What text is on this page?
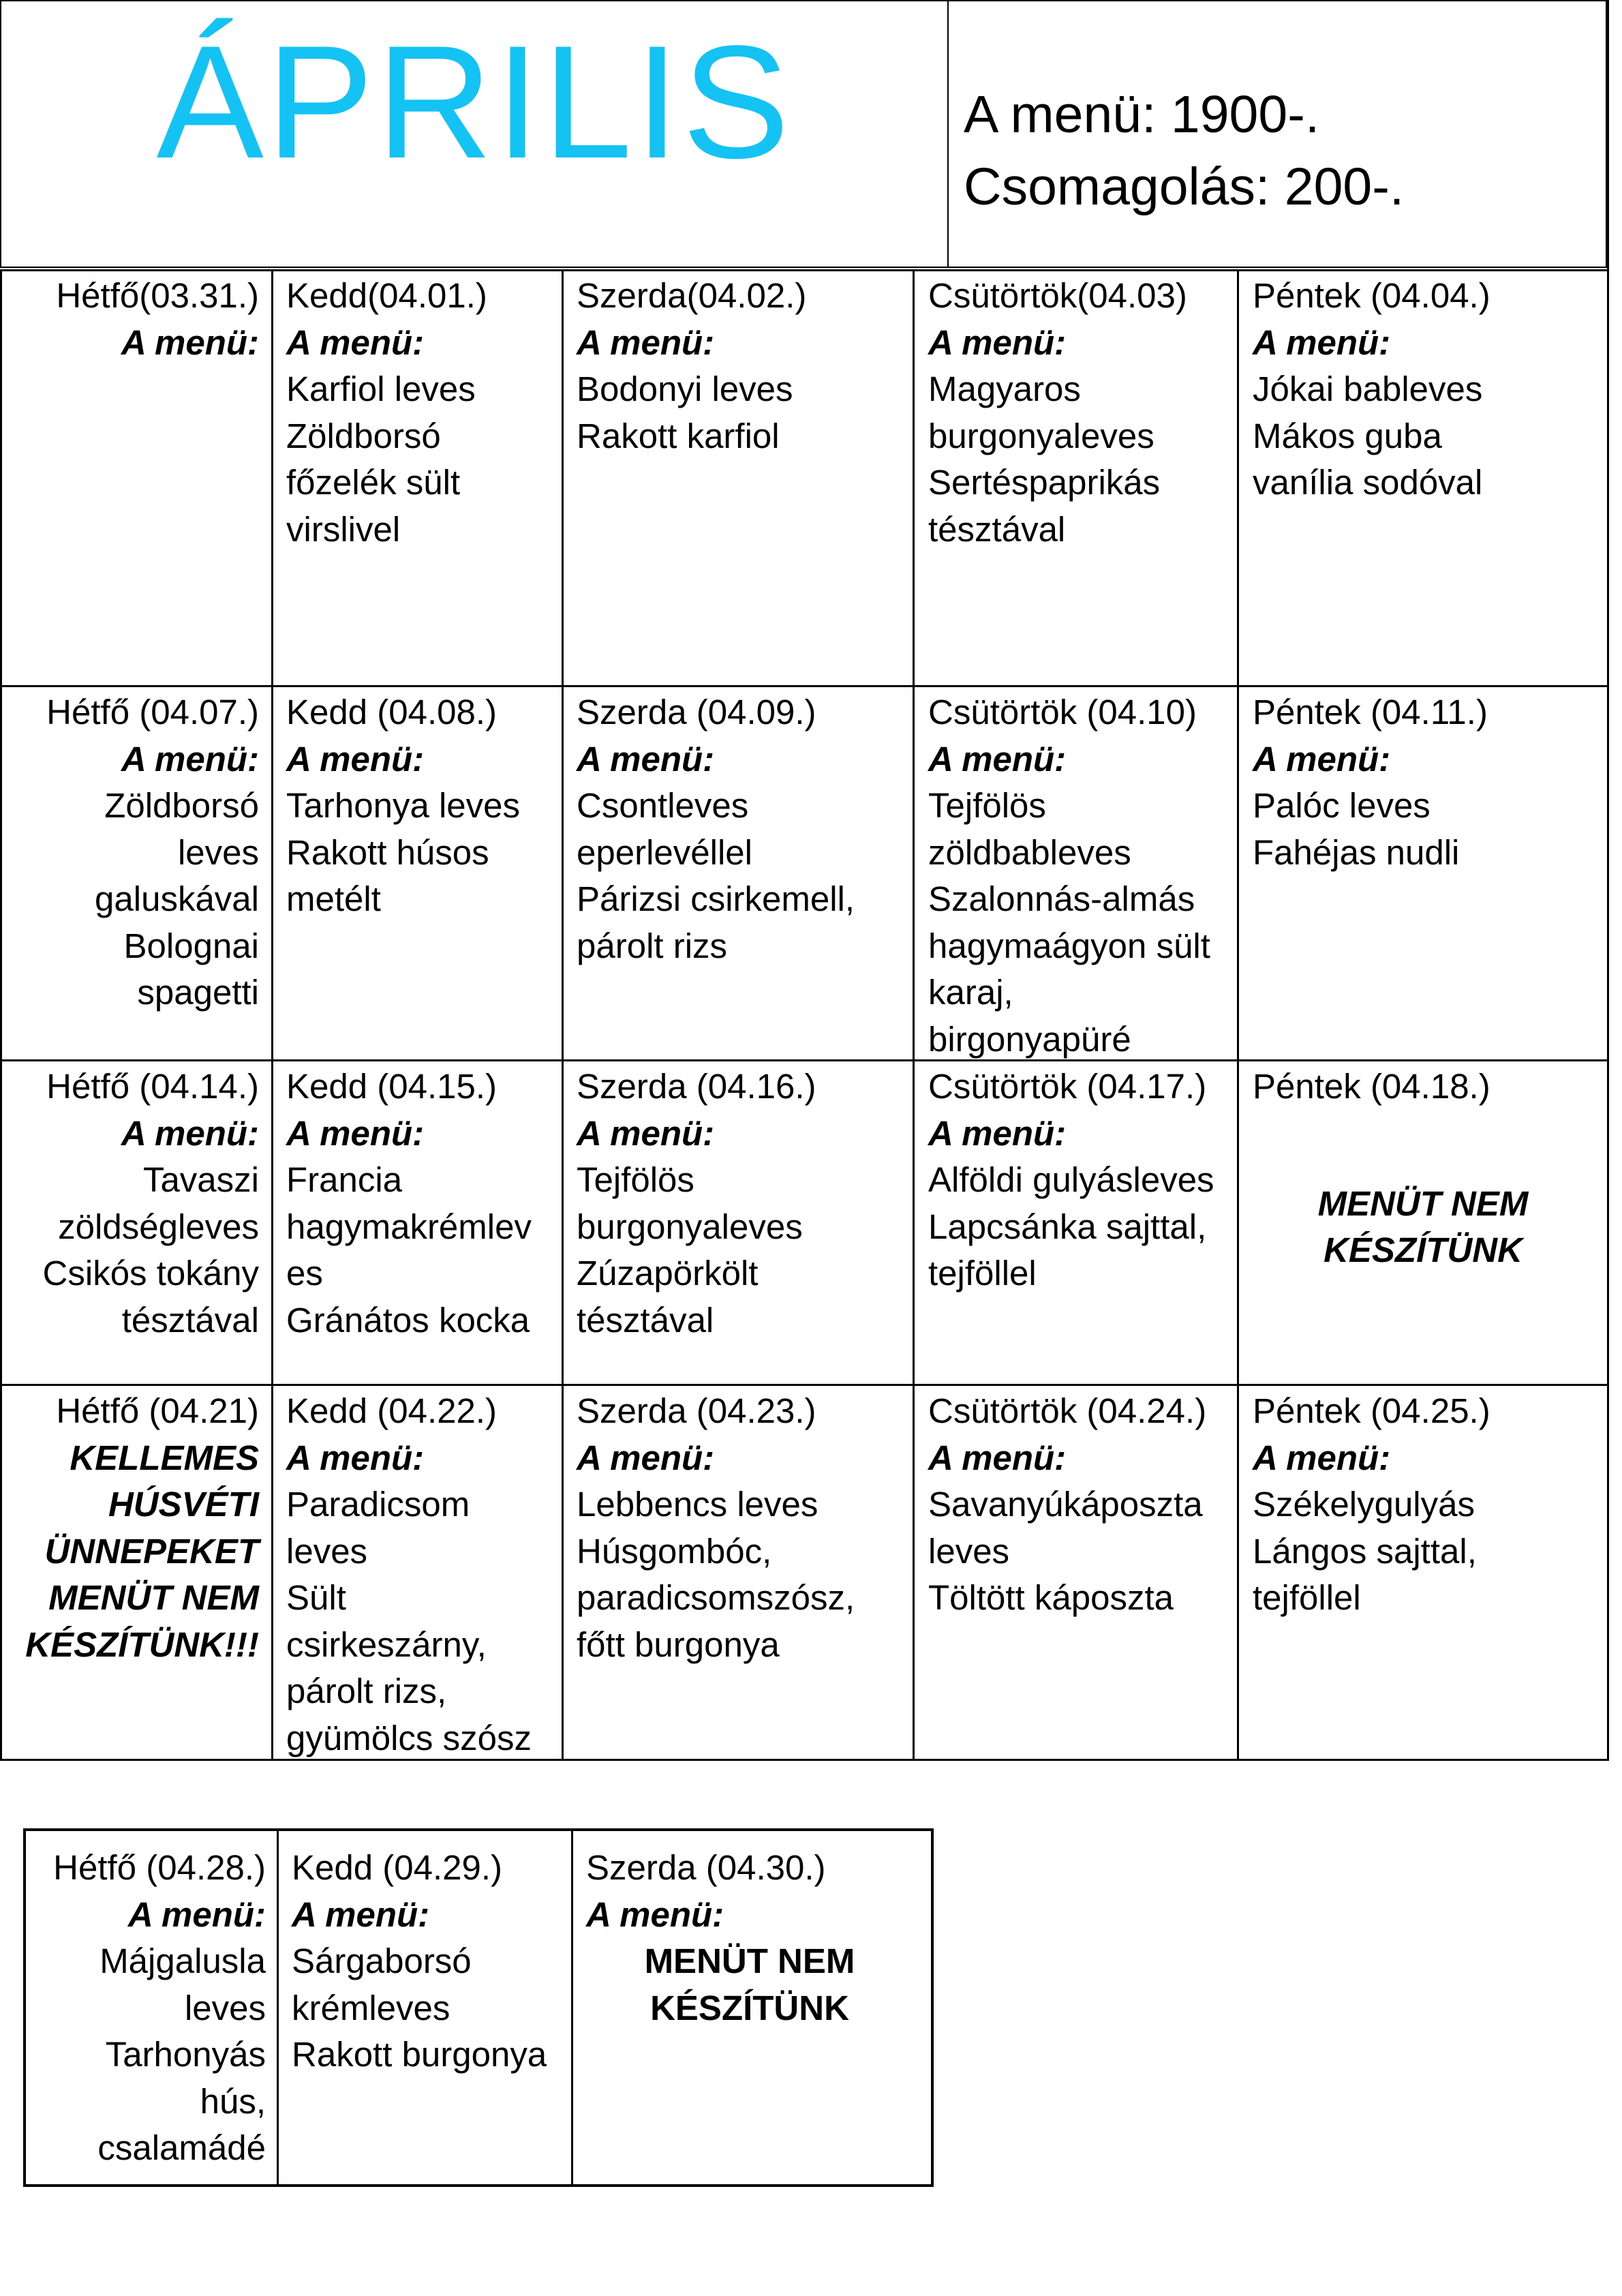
ÁPRILIS	A menü: 1900-.
Csomagolás: 200-.
Hétfő(03.31.)
A menü:
Kedd(04.01.)
A menü:
Karfiol leves
Zöldborsó
főzelék sült
virslivel
Szerda(04.02.)
A menü:
Bodonyi leves
Rakott karfiol
Csütörtök(04.03)
A menü:
Magyaros
burgonyaleves
Sertéspaprikás
tésztával
Péntek (04.04.)
A menü:
Jókai bableves
Mákos guba
vanília sodóval
Hétfő (04.07.)
A menü:
Zöldborsó
leves
galuskával
Bolognai
spagetti
Kedd (04.08.)
A menü:
Tarhonya leves
Rakott húsos
metélt
Szerda (04.09.)
A menü:
Csontleves
eperlevéllel
Párizsi csirkemell,
párolt rizs
Csütörtök (04.10)
A menü:
Tejfölös
zöldbableves
Szalonnás-almás
hagymaágyon sült
karaj,
birgonyapüré
Péntek (04.11.)
A menü:
Palóc leves
Fahéjas nudli
Hétfő (04.14.)
A menü:
Tavaszi
zöldségleves
Csikós tokány
tésztával
Kedd (04.15.)
A menü:
Francia
hagymakrémlev
es
Gránátos kocka
Szerda (04.16.)
A menü:
Tejfölös
burgonyaleves
Zúzapörkölt
tésztával
Csütörtök (04.17.)
A menü:
Alföldi gulyásleves
Lapcsánka sajttal,
tejföllel
Péntek (04.18.)
MENÜT NEM
KÉSZÍTÜNK
Hétfő (04.21)
KELLEMES
HÚSVÉTI
ÜNNEPEKET
MENÜT NEM
KÉSZÍTÜNK!!!
Kedd (04.22.)
A menü:
Paradicsom
leves
Sült
csirkeszárny,
párolt rizs,
gyümölcs szósz
Szerda (04.23.)
A menü:
Lebbencs leves
Húsgombóc,
paradicsomszósz,
főtt burgonya
Csütörtök (04.24.)
A menü:
Savanyúkáposzta
leves
Töltött káposzta
Péntek (04.25.)
A menü:
Székelygulyás
Lángos sajttal,
tejföllel
Hétfő (04.28.)
A menü:
Májgalusla
leves
Tarhonyás
hús,
csalamádé
Kedd (04.29.)
A menü:
Sárgaborsó
krémleves
Rakott burgonya
Szerda (04.30.)
A menü:
MENÜT NEM
KÉSZÍTÜNK
